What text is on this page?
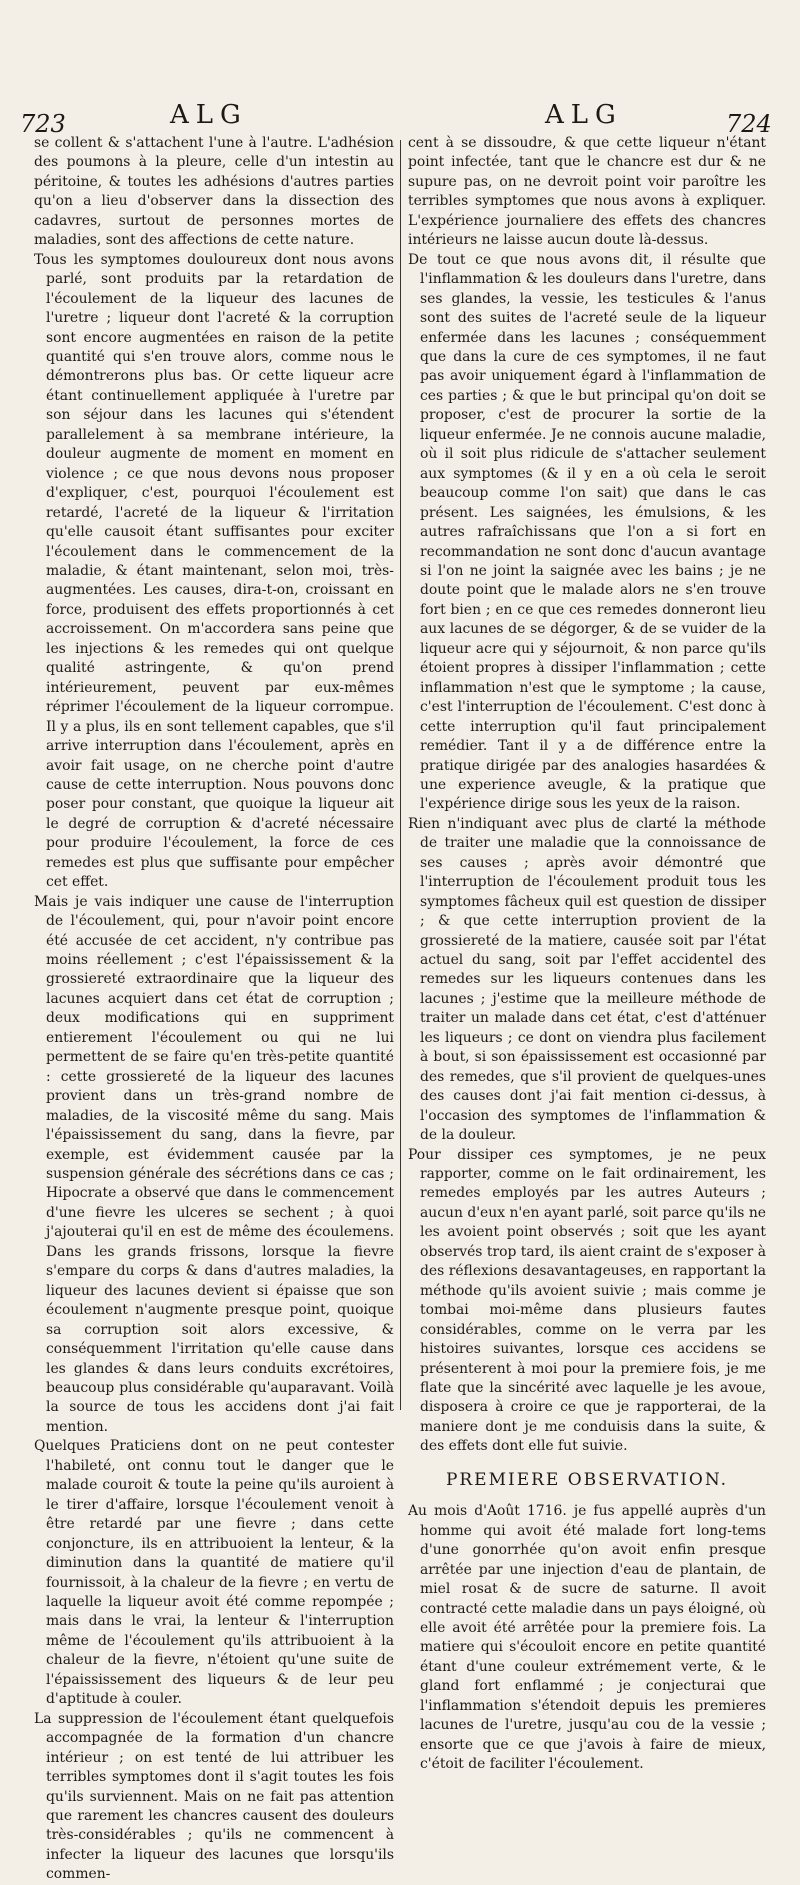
723	ALG	ALG	724

se collent & s'attachent l'une à l'autre. L'adhésion des poumons à la pleure, celle d'un intestin au péritoine, & toutes les adhésions d'autres parties qu'on a lieu d'observer dans la dissection des cadavres, surtout de personnes mortes de maladies, sont des affections de cette nature.

Tous les symptomes douloureux dont nous avons parlé, sont produits par la retardation de l'écoulement de la liqueur des lacunes de l'uretre ; liqueur dont l'acreté & la corruption sont encore augmentées en raison de la petite quantité qui s'en trouve alors, comme nous le démontrerons plus bas. Or cette liqueur acre étant continuellement appliquée à l'uretre par son séjour dans les lacunes qui s'étendent parallelement à sa membrane intérieure, la douleur augmente de moment en moment en violence ; ce que nous devons nous proposer d'expliquer, c'est, pourquoi l'écoulement est retardé, l'acreté de la liqueur & l'irritation qu'elle causoit étant suffisantes pour exciter l'écoulement dans le commencement de la maladie, & étant maintenant, selon moi, très-augmentées. Les causes, dira-t-on, croissant en force, produisent des effets proportionnés à cet accroissement. On m'accordera sans peine que les injections & les remedes qui ont quelque qualité astringente, & qu'on prend intérieurement, peuvent par eux-mêmes réprimer l'écoulement de la liqueur corrompue. Il y a plus, ils en sont tellement capables, que s'il arrive interruption dans l'écoulement, après en avoir fait usage, on ne cherche point d'autre cause de cette interruption. Nous pouvons donc poser pour constant, que quoique la liqueur ait le degré de corruption & d'acreté nécessaire pour produire l'écoulement, la force de ces remedes est plus que suffisante pour empêcher cet effet.

Mais je vais indiquer une cause de l'interruption de l'écoulement, qui, pour n'avoir point encore été accusée de cet accident, n'y contribue pas moins réellement ; c'est l'épaississement & la grossiereté extraordinaire que la liqueur des lacunes acquiert dans cet état de corruption ; deux modifications qui en suppriment entierement l'écoulement ou qui ne lui permettent de se faire qu'en très-petite quantité : cette grossiereté de la liqueur des lacunes provient dans un très-grand nombre de maladies, de la viscosité même du sang. Mais l'épaississement du sang, dans la fievre, par exemple, est évidemment causée par la suspension générale des sécrétions dans ce cas ; Hipocrate a observé que dans le commencement d'une fievre les ulceres se sechent ; à quoi j'ajouterai qu'il en est de même des écoulemens. Dans les grands frissons, lorsque la fievre s'empare du corps & dans d'autres maladies, la liqueur des lacunes devient si épaisse que son écoulement n'augmente presque point, quoique sa corruption soit alors excessive, & conséquemment l'irritation qu'elle cause dans les glandes & dans leurs conduits excrétoires, beaucoup plus considérable qu'auparavant. Voilà la source de tous les accidens dont j'ai fait mention.

Quelques Praticiens dont on ne peut contester l'habileté, ont connu tout le danger que le malade couroit & toute la peine qu'ils auroient à le tirer d'affaire, lorsque l'écoulement venoit à être retardé par une fievre ; dans cette conjoncture, ils en attribuoient la lenteur, & la diminution dans la quantité de matiere qu'il fournissoit, à la chaleur de la fievre ; en vertu de laquelle la liqueur avoit été comme repompée ; mais dans le vrai, la lenteur & l'interruption même de l'écoulement qu'ils attribuoient à la chaleur de la fievre, n'étoient qu'une suite de l'épaississement des liqueurs & de leur peu d'aptitude à couler.

La suppression de l'écoulement étant quelquefois accompagnée de la formation d'un chancre intérieur ; on est tenté de lui attribuer les terribles symptomes dont il s'agit toutes les fois qu'ils surviennent. Mais on ne fait pas attention que rarement les chancres causent des douleurs très-considérables ; qu'ils ne commencent à infecter la liqueur des lacunes que lorsqu'ils commen-

cent à se dissoudre, & que cette liqueur n'étant point infectée, tant que le chancre est dur & ne supure pas, on ne devroit point voir paroître les terribles symptomes que nous avons à expliquer. L'expérience journaliere des effets des chancres intérieurs ne laisse aucun doute là-dessus.

De tout ce que nous avons dit, il résulte que l'inflammation & les douleurs dans l'uretre, dans ses glandes, la vessie, les testicules & l'anus sont des suites de l'acreté seule de la liqueur enfermée dans les lacunes ; conséquemment que dans la cure de ces symptomes, il ne faut pas avoir uniquement égard à l'inflammation de ces parties ; & que le but principal qu'on doit se proposer, c'est de procurer la sortie de la liqueur enfermée. Je ne connois aucune maladie, où il soit plus ridicule de s'attacher seulement aux symptomes (& il y en a où cela le seroit beaucoup comme l'on sait) que dans le cas présent. Les saignées, les émulsions, & les autres rafraîchissans que l'on a si fort en recommandation ne sont donc d'aucun avantage si l'on ne joint la saignée avec les bains ; je ne doute point que le malade alors ne s'en trouve fort bien ; en ce que ces remedes donneront lieu aux lacunes de se dégorger, & de se vuider de la liqueur acre qui y séjournoit, & non parce qu'ils étoient propres à dissiper l'inflammation ; cette inflammation n'est que le symptome ; la cause, c'est l'interruption de l'écoulement. C'est donc à cette interruption qu'il faut principalement remédier. Tant il y a de différence entre la pratique dirigée par des analogies hasardées & une experience aveugle, & la pratique que l'expérience dirige sous les yeux de la raison.

Rien n'indiquant avec plus de clarté la méthode de traiter une maladie que la connoissance de ses causes ; après avoir démontré que l'interruption de l'écoulement produit tous les symptomes fâcheux quil est question de dissiper ; & que cette interruption provient de la grossiereté de la matiere, causée soit par l'état actuel du sang, soit par l'effet accidentel des remedes sur les liqueurs contenues dans les lacunes ; j'estime que la meilleure méthode de traiter un malade dans cet état, c'est d'atténuer les liqueurs ; ce dont on viendra plus facilement à bout, si son épaississement est occasionné par des remedes, que s'il provient de quelques-unes des causes dont j'ai fait mention ci-dessus, à l'occasion des symptomes de l'inflammation & de la douleur.

Pour dissiper ces symptomes, je ne peux rapporter, comme on le fait ordinairement, les remedes employés par les autres Auteurs ; aucun d'eux n'en ayant parlé, soit parce qu'ils ne les avoient point observés ; soit que les ayant observés trop tard, ils aient craint de s'exposer à des réflexions desavantageuses, en rapportant la méthode qu'ils avoient suivie ; mais comme je tombai moi-même dans plusieurs fautes considérables, comme on le verra par les histoires suivantes, lorsque ces accidens se présenterent à moi pour la premiere fois, je me flate que la sincérité avec laquelle je les avoue, disposera à croire ce que je rapporterai, de la maniere dont je me conduisis dans la suite, & des effets dont elle fut suivie.

PREMIERE OBSERVATION.

Au mois d'Août 1716. je fus appellé auprès d'un homme qui avoit été malade fort long-tems d'une gonorrhée qu'on avoit enfin presque arrêtée par une injection d'eau de plantain, de miel rosat & de sucre de saturne. Il avoit contracté cette maladie dans un pays éloigné, où elle avoit été arrêtée pour la premiere fois. La matiere qui s'écouloit encore en petite quantité étant d'une couleur extrémement verte, & le gland fort enflammé ; je conjecturai que l'inflammation s'étendoit depuis les premieres lacunes de l'uretre, jusqu'au cou de la vessie ; ensorte que ce que j'avois à faire de mieux, c'étoit de faciliter l'écoulement.
